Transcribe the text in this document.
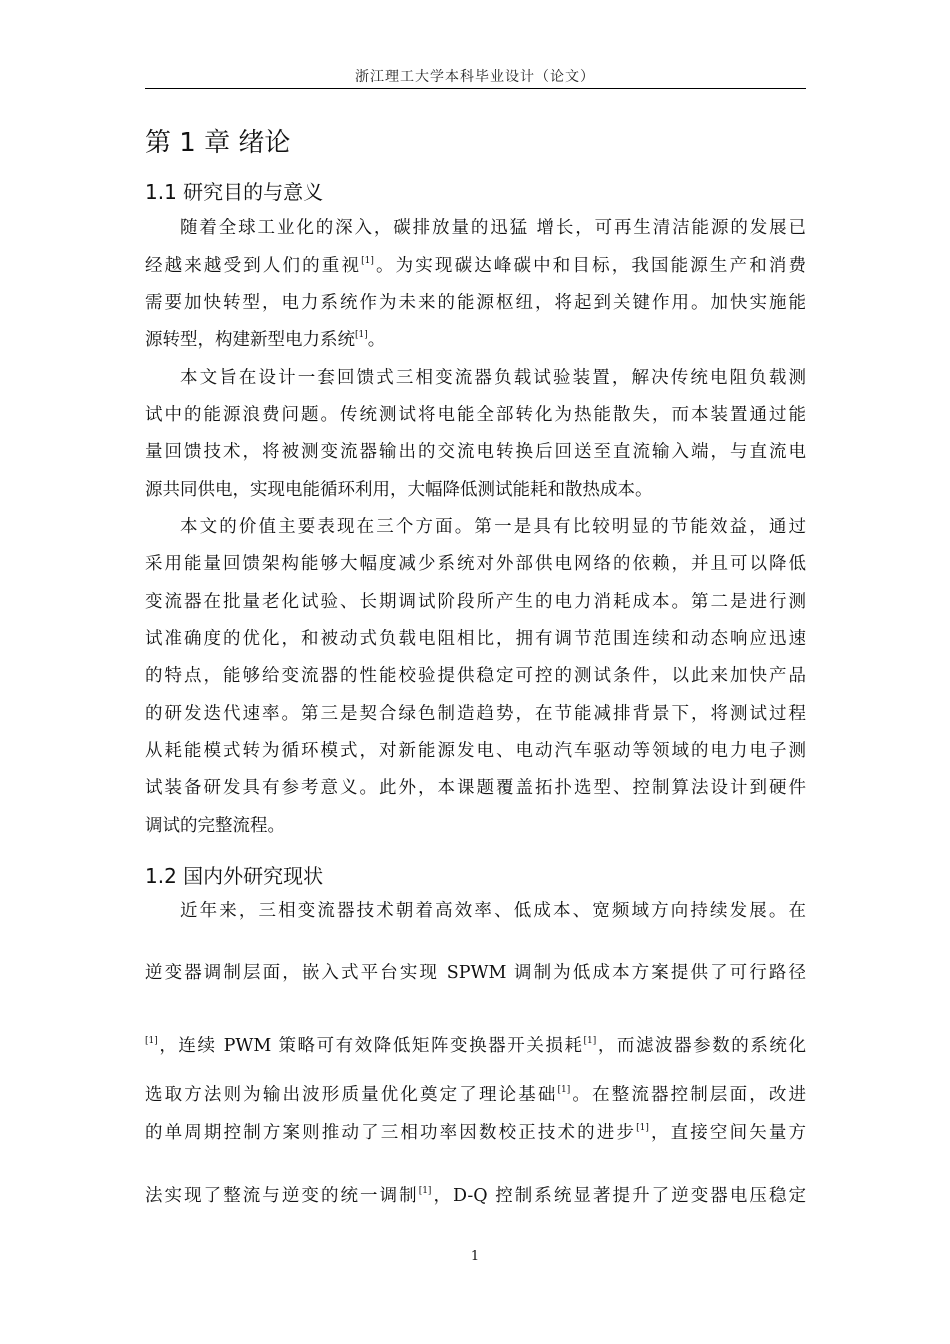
浙江理工大学本科毕业设计（论文）
第 1 章 绪论
1.1 研究目的与意义
随着全球工业化的深入，碳排放量的迅猛 增长，可再生清洁能源的发展已
经越来越受到人们的重视[1]。为实现碳达峰碳中和目标，我国能源生产和消费
需要加快转型，电力系统作为未来的能源枢纽，将起到关键作用。加快实施能
源转型，构建新型电力系统[1]。
本文旨在设计一套回馈式三相变流器负载试验装置，解决传统电阻负载测
试中的能源浪费问题。传统测试将电能全部转化为热能散失，而本装置通过能
量回馈技术，将被测变流器输出的交流电转换后回送至直流输入端，与直流电
源共同供电，实现电能循环利用，大幅降低测试能耗和散热成本。
本文的价值主要表现在三个方面。第一是具有比较明显的节能效益，通过
采用能量回馈架构能够大幅度减少系统对外部供电网络的依赖，并且可以降低
变流器在批量老化试验、长期调试阶段所产生的电力消耗成本。第二是进行测
试准确度的优化，和被动式负载电阻相比，拥有调节范围连续和动态响应迅速
的特点，能够给变流器的性能校验提供稳定可控的测试条件，以此来加快产品
的研发迭代速率。第三是契合绿色制造趋势，在节能减排背景下，将测试过程
从耗能模式转为循环模式，对新能源发电、电动汽车驱动等领域的电力电子测
试装备研发具有参考意义。此外，本课题覆盖拓扑选型、控制算法设计到硬件
调试的完整流程。
1.2 国内外研究现状
近年来，三相变流器技术朝着高效率、低成本、宽频域方向持续发展。在
逆变器调制层面，嵌入式平台实现 SPWM 调制为低成本方案提供了可行路径
[1]，连续 PWM 策略可有效降低矩阵变换器开关损耗[1]，而滤波器参数的系统化
选取方法则为输出波形质量优化奠定了理论基础[1]。在整流器控制层面，改进
的单周期控制方案则推动了三相功率因数校正技术的进步[1]，直接空间矢量方
法实现了整流与逆变的统一调制[1]，D-Q 控制系统显著提升了逆变器电压稳定
1
